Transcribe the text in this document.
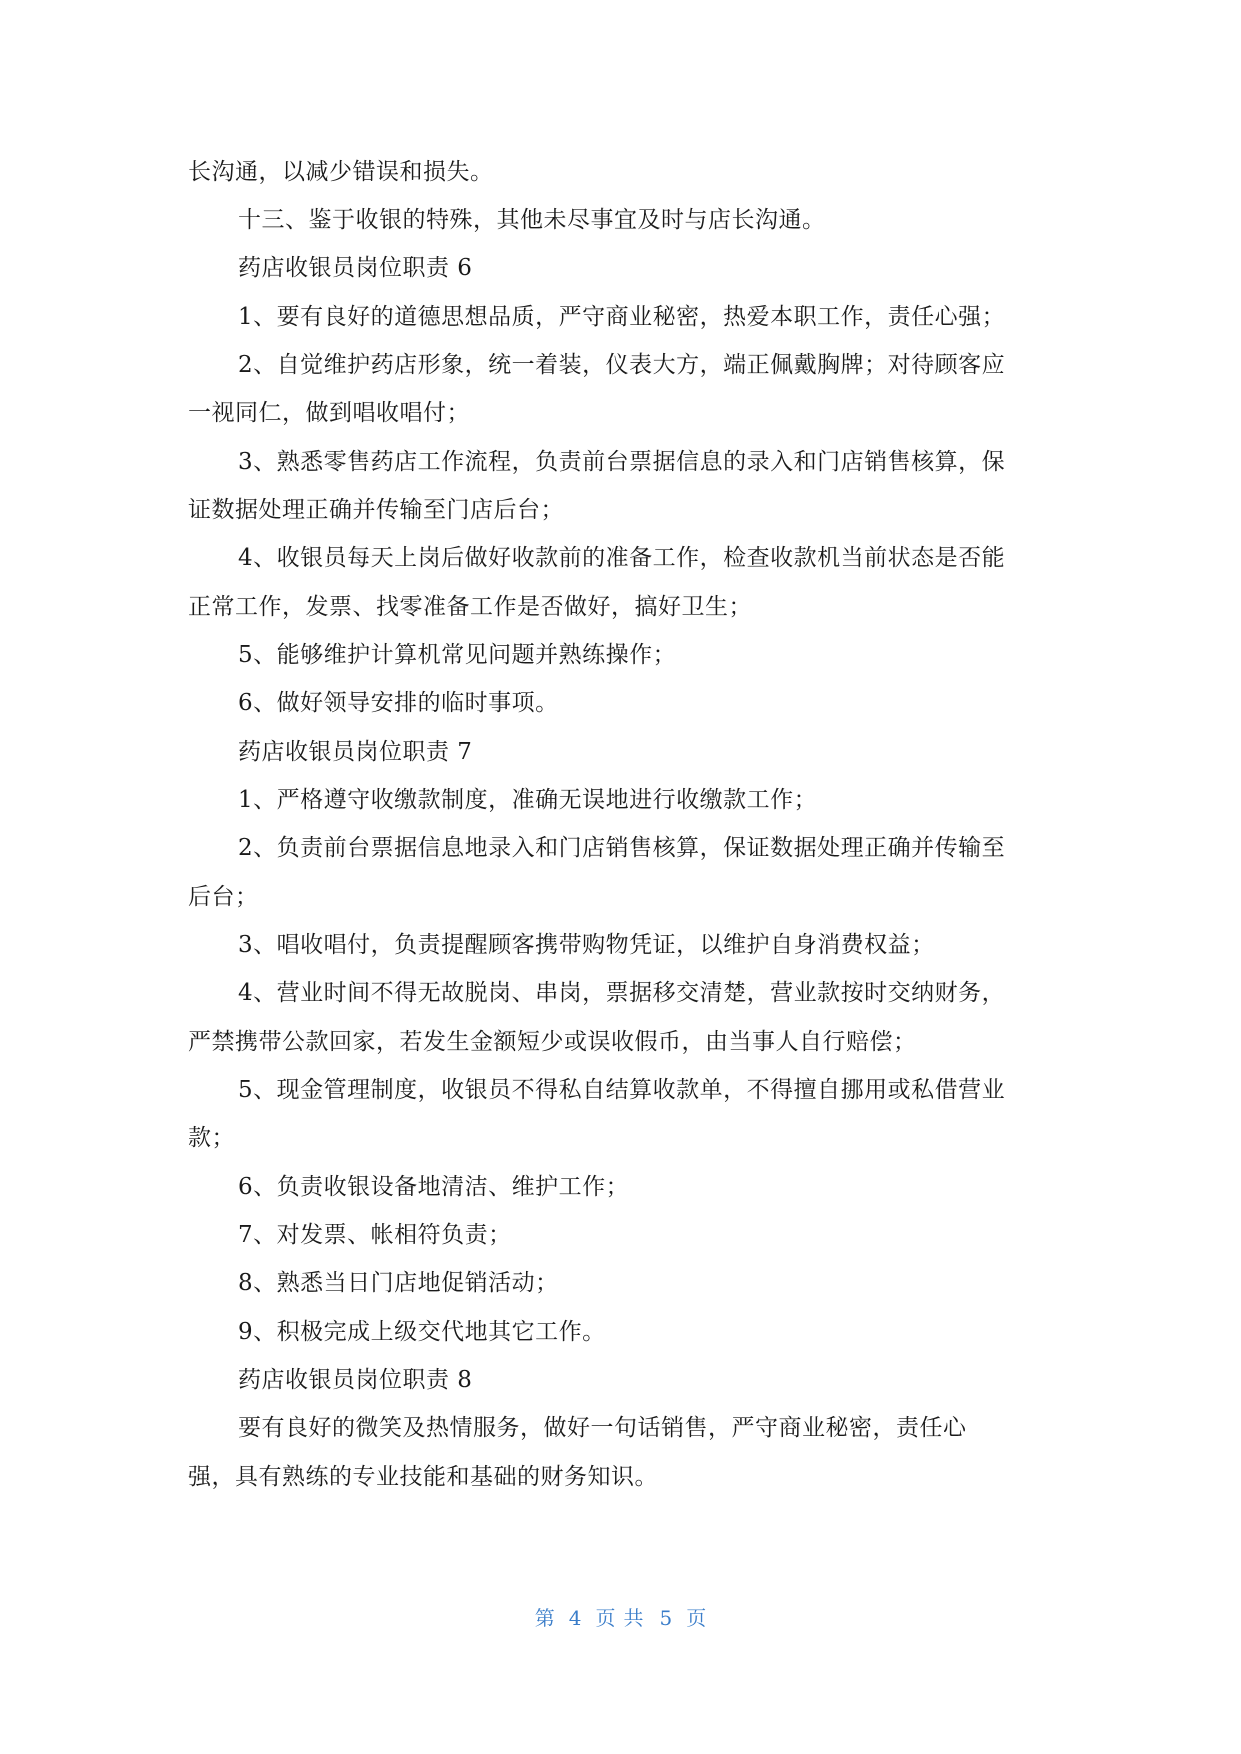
长沟通，以减少错误和损失。
十三、鉴于收银的特殊，其他未尽事宜及时与店长沟通。
药店收银员岗位职责 6
1、要有良好的道德思想品质，严守商业秘密，热爱本职工作，责任心强；
2、自觉维护药店形象，统一着装，仪表大方，端正佩戴胸牌；对待顾客应
一视同仁，做到唱收唱付；
3、熟悉零售药店工作流程，负责前台票据信息的录入和门店销售核算，保
证数据处理正确并传输至门店后台；
4、收银员每天上岗后做好收款前的准备工作，检查收款机当前状态是否能
正常工作，发票、找零准备工作是否做好，搞好卫生；
5、能够维护计算机常见问题并熟练操作；
6、做好领导安排的临时事项。
药店收银员岗位职责 7
1、严格遵守收缴款制度，准确无误地进行收缴款工作；
2、负责前台票据信息地录入和门店销售核算，保证数据处理正确并传输至
后台；
3、唱收唱付，负责提醒顾客携带购物凭证，以维护自身消费权益；
4、营业时间不得无故脱岗、串岗，票据移交清楚，营业款按时交纳财务，
严禁携带公款回家，若发生金额短少或误收假币，由当事人自行赔偿；
5、现金管理制度，收银员不得私自结算收款单，不得擅自挪用或私借营业
款；
6、负责收银设备地清洁、维护工作；
7、对发票、帐相符负责；
8、熟悉当日门店地促销活动；
9、积极完成上级交代地其它工作。
药店收银员岗位职责 8
要有良好的微笑及热情服务，做好一句话销售，严守商业秘密，责任心
强，具有熟练的专业技能和基础的财务知识。
第 4 页共 5 页
